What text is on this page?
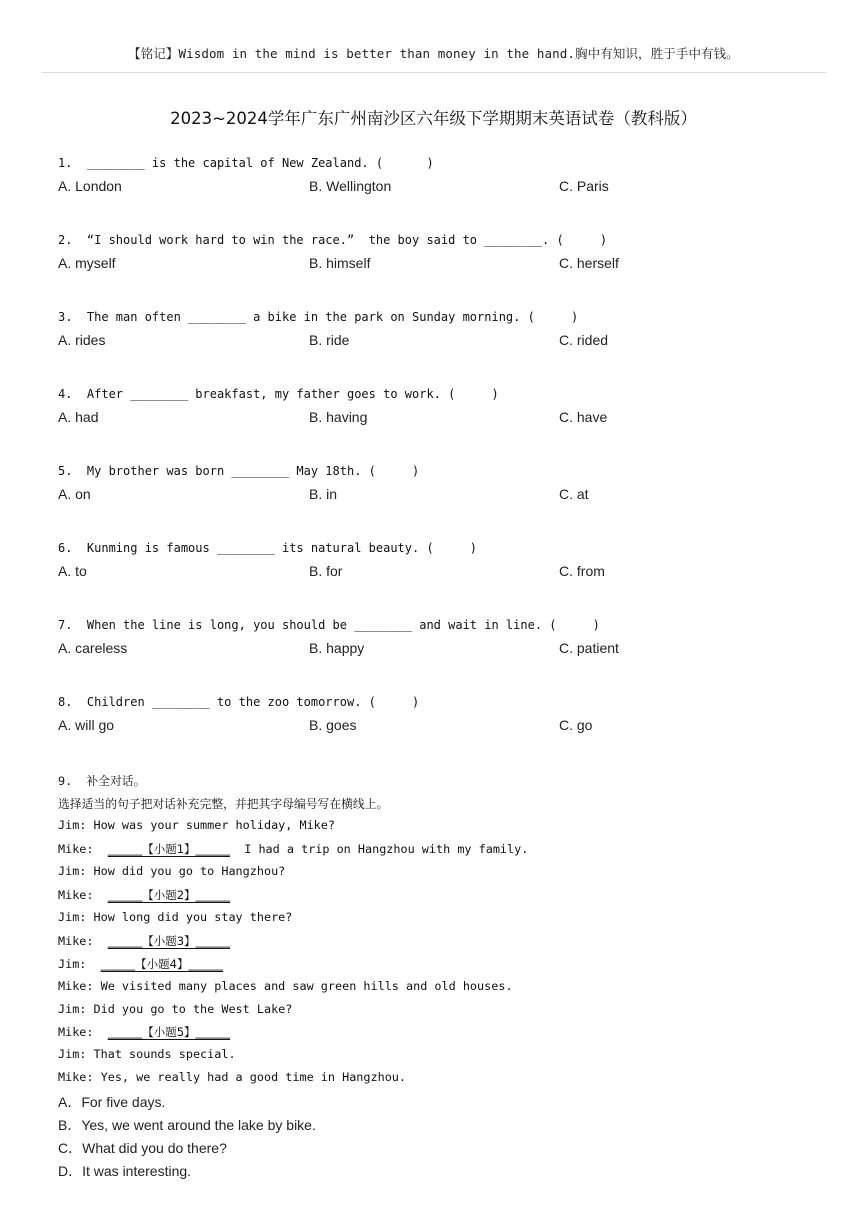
【铭记】Wisdom in the mind is better than money in the hand.胸中有知识，胜于手中有钱。
2023~2024学年广东广州南沙区六年级下学期期末英语试卷（教科版）
1.  ________ is the capital of New Zealand. (      )
A. London	B. Wellington	C. Paris
2.  “I should work hard to win the race.”  the boy said to ________. (     )
A. myself	B. himself	C. herself
3.  The man often ________ a bike in the park on Sunday morning. (     )
A. rides	B. ride	C. rided
4.  After ________ breakfast, my father goes to work. (     )
A. had	B. having	C. have
5.  My brother was born ________ May 18th. (     )
A. on	B. in	C. at
6.  Kunming is famous ________ its natural beauty. (     )
A. to	B. for	C. from
7.  When the line is long, you should be ________ and wait in line. (     )
A. careless	B. happy	C. patient
8.  Children ________ to the zoo tomorrow. (     )
A. will go	B. goes	C. go
9.  补全对话。
选择适当的句子把对话补充完整，并把其字母编号写在横线上。
Jim: How was your summer holiday, Mike?
Mike:  ______【小题1】______  I had a trip on Hangzhou with my family.
Jim: How did you go to Hangzhou?
Mike:  ______【小题2】______
Jim: How long did you stay there?
Mike:  ______【小题3】______
Jim:  ______【小题4】______
Mike: We visited many places and saw green hills and old houses.
Jim: Did you go to the West Lake?
Mike:  ______【小题5】______
Jim: That sounds special.
Mike: Yes, we really had a good time in Hangzhou.
A．For five days.
B．Yes, we went around the lake by bike.
C．What did you do there?
D．It was interesting.
